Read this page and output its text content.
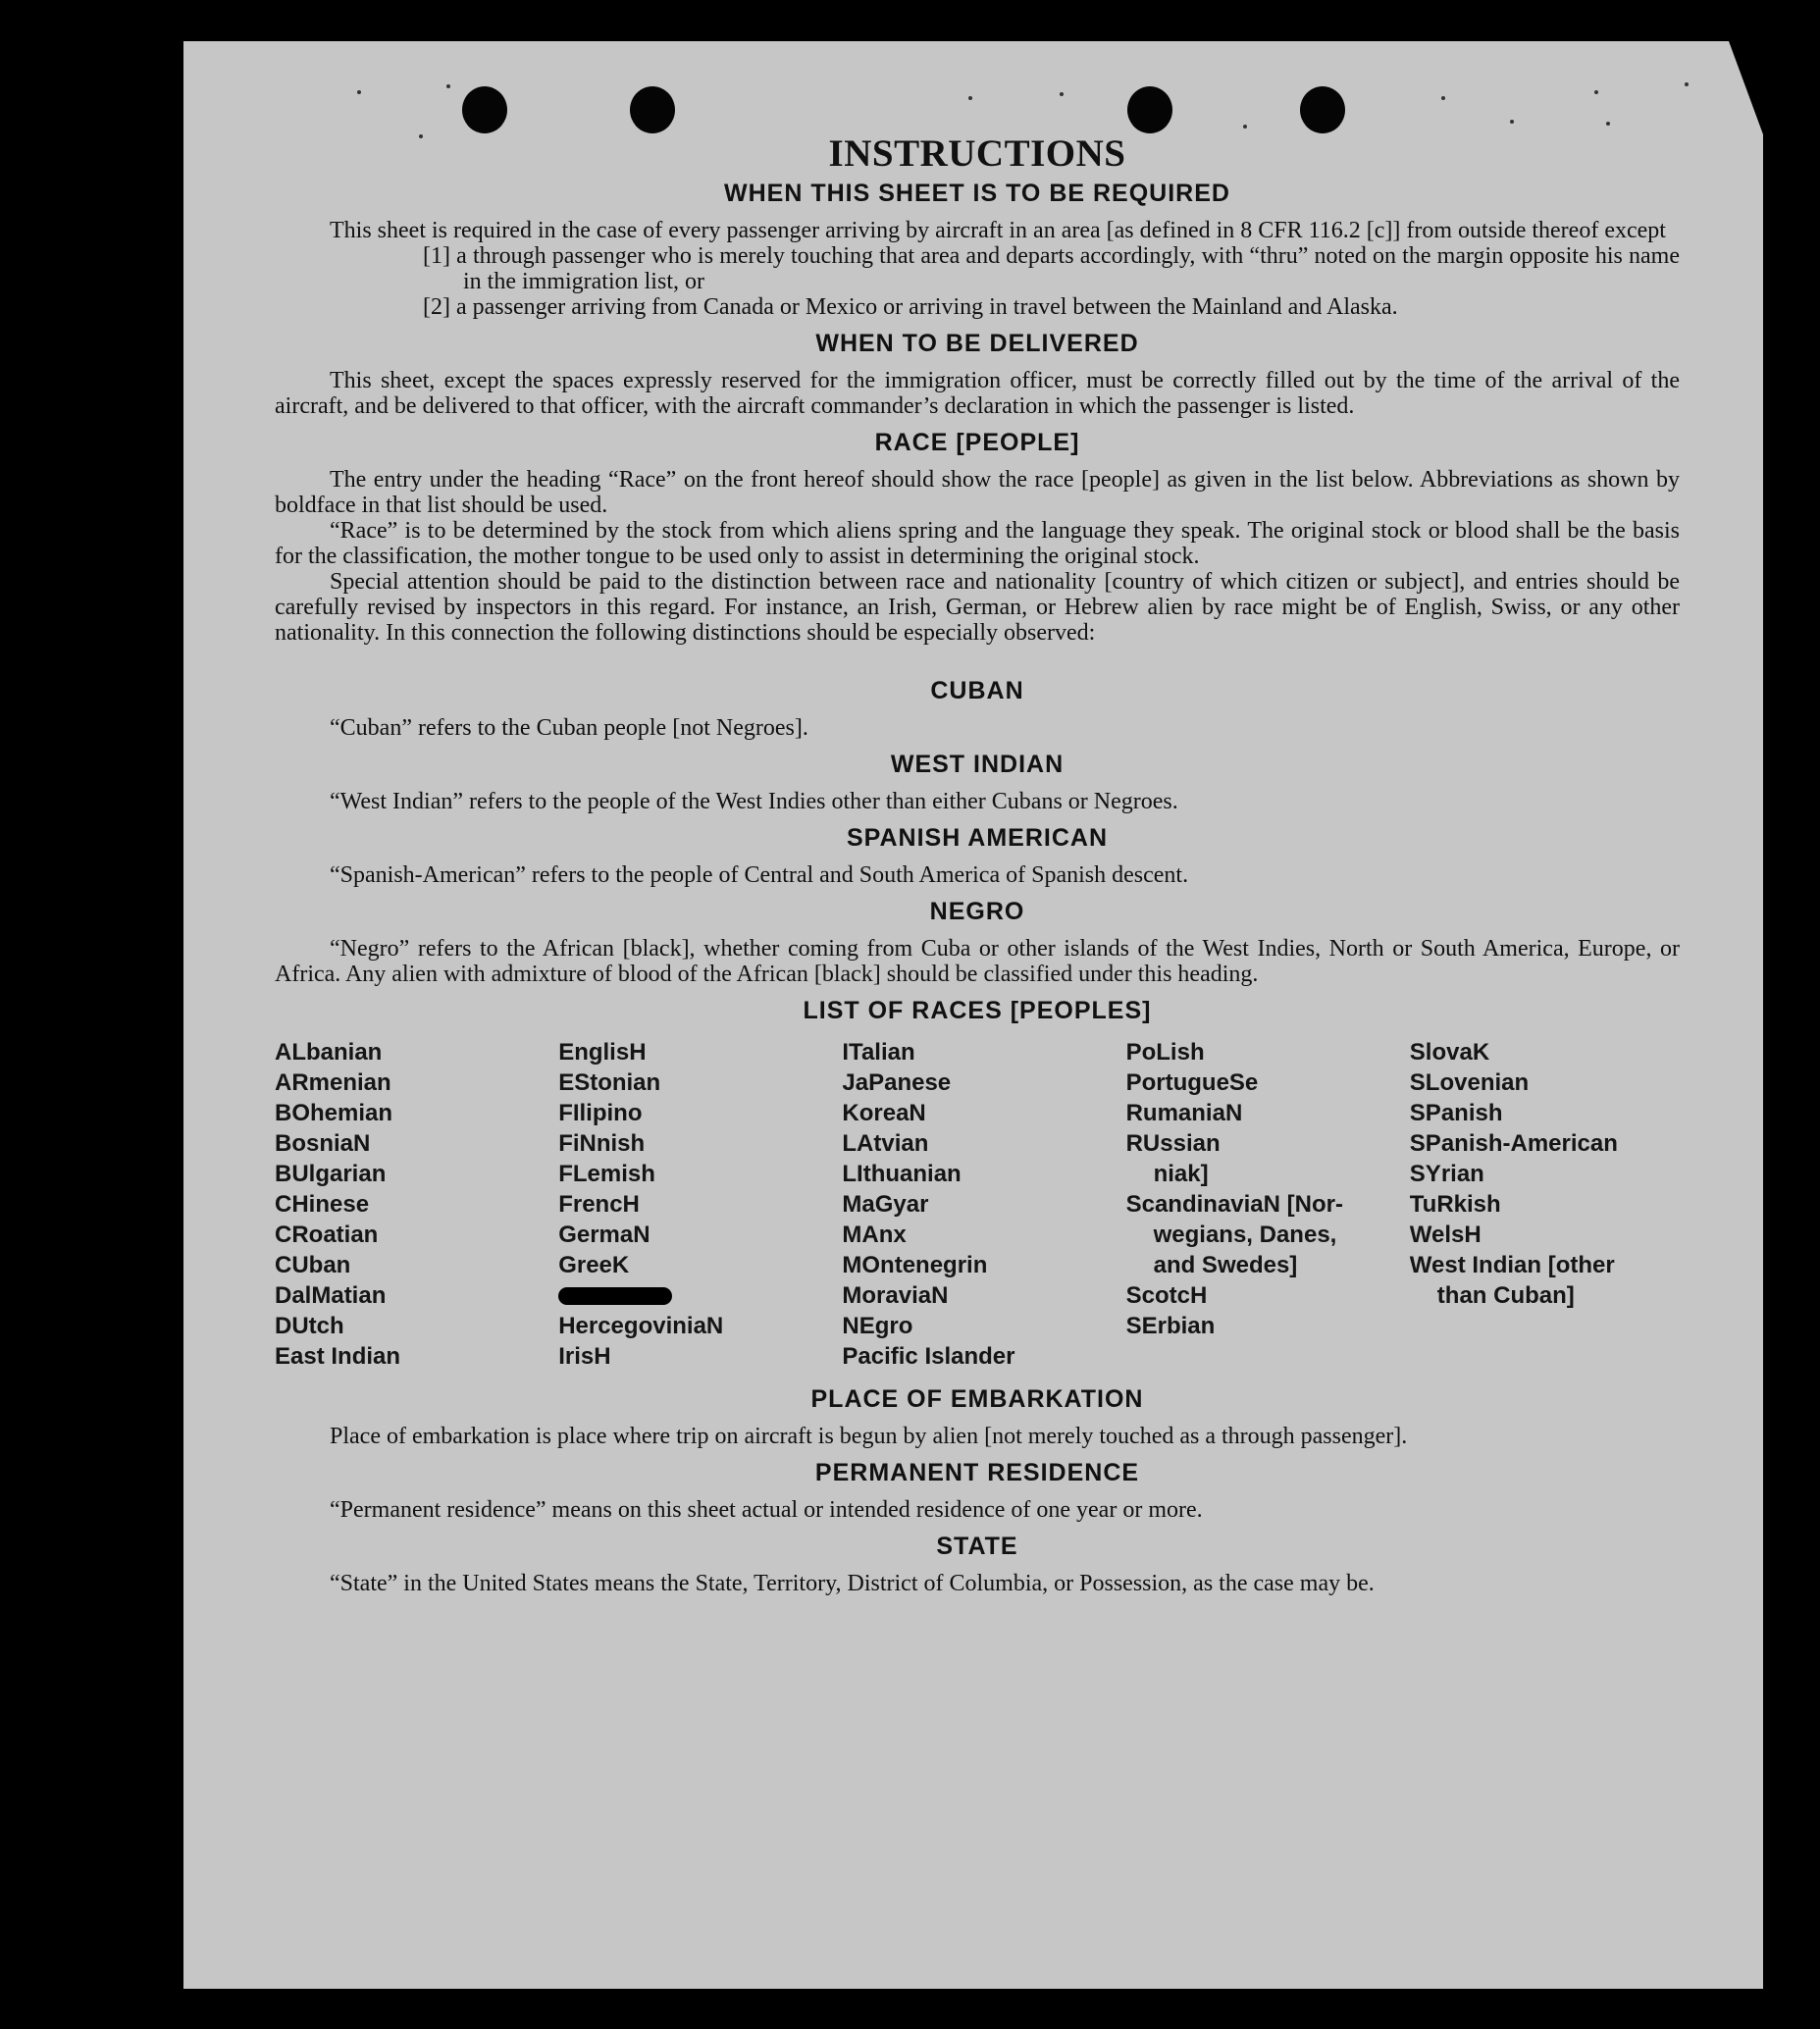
INSTRUCTIONS
WHEN THIS SHEET IS TO BE REQUIRED

This sheet is required in the case of every passenger arriving by aircraft in an area [as defined in 8 CFR 116.2 [c]] from outside thereof except

[1] a through passenger who is merely touching that area and departs accordingly, with “thru” noted on the margin opposite his name in the immigration list, or

[2] a passenger arriving from Canada or Mexico or arriving in travel between the Mainland and Alaska.

WHEN TO BE DELIVERED

This sheet, except the spaces expressly reserved for the immigration officer, must be correctly filled out by the time of the arrival of the aircraft, and be delivered to that officer, with the aircraft commander’s declaration in which the passenger is listed.

RACE [PEOPLE]

The entry under the heading “Race” on the front hereof should show the race [people] as given in the list below. Abbreviations as shown by boldface in that list should be used.

“Race” is to be determined by the stock from which aliens spring and the language they speak. The original stock or blood shall be the basis for the classification, the mother tongue to be used only to assist in determining the original stock.

Special attention should be paid to the distinction between race and nationality [country of which citizen or subject], and entries should be carefully revised by inspectors in this regard. For instance, an Irish, German, or Hebrew alien by race might be of English, Swiss, or any other nationality. In this connection the following distinctions should be especially observed:

CUBAN

“Cuban” refers to the Cuban people [not Negroes].

WEST INDIAN

“West Indian” refers to the people of the West Indies other than either Cubans or Negroes.

SPANISH AMERICAN

“Spanish-American” refers to the people of Central and South America of Spanish descent.

NEGRO

“Negro” refers to the African [black], whether coming from Cuba or other islands of the West Indies, North or South America, Europe, or Africa. Any alien with admixture of blood of the African [black] should be classified under this heading.

LIST OF RACES [PEOPLES]
ALbanian
ARmenian
BOhemian
BosniaN
BUlgarian
CHinese
CRoatian
CUban
DalMatian
DUtch
East Indian
EnglisH
EStonian
FIlipino
FiNnish
FLemish
FrencH
GermaN
GreeK
HercegoviniaN
IrisH
ITalian
JaPanese
KoreaN
LAtvian
LIthuanian
MaGyar
MAnx
MOntenegrin
MoraviaN
NEgro
Pacific Islander
PoLish
PortugueSe
RumaniaN
RUssian
niak]
ScandinaviaN [Nor-
wegians, Danes,
and Swedes]
ScotcH
SErbian
SlovaK
SLovenian
SPanish
SPanish-American
SYrian
TuRkish
WelsH
West Indian [other
than Cuban]
PLACE OF EMBARKATION

Place of embarkation is place where trip on aircraft is begun by alien [not merely touched as a through passenger].

PERMANENT RESIDENCE

“Permanent residence” means on this sheet actual or intended residence of one year or more.

STATE

“State” in the United States means the State, Territory, District of Columbia, or Possession, as the case may be.
